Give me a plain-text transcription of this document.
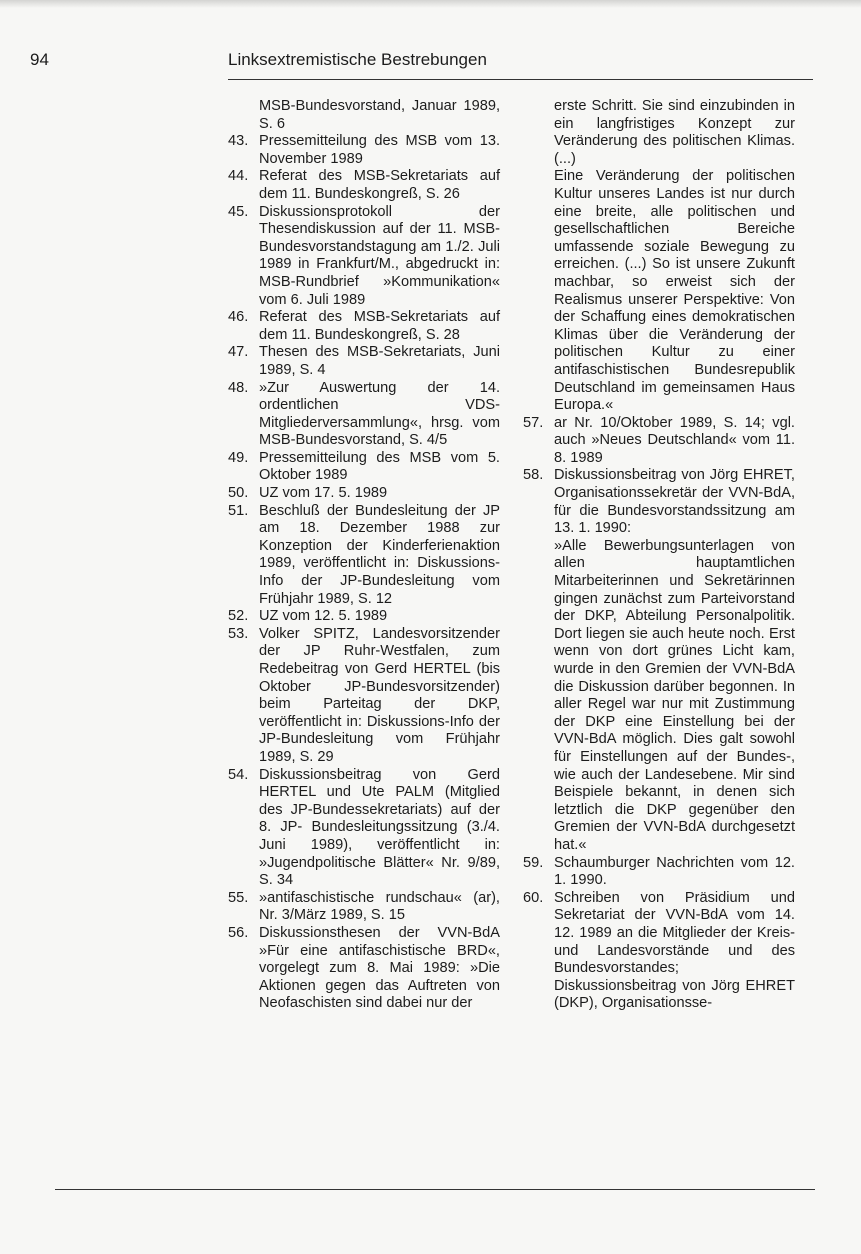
94	Linksextremistische Bestrebungen

MSB-Bundesvorstand, Januar 1989, S. 6

43. Pressemitteilung des MSB vom 13. November 1989

44. Referat des MSB-Sekretariats auf dem 11. Bundeskongreß, S. 26

45. Diskussionsprotokoll der Thesendiskussion auf der 11. MSB-Bundesvorstandstagung am 1./2. Juli 1989 in Frankfurt/M., abgedruckt in: MSB-Rundbrief »Kommunikation« vom 6. Juli 1989

46. Referat des MSB-Sekretariats auf dem 11. Bundeskongreß, S. 28

47. Thesen des MSB-Sekretariats, Juni 1989, S. 4

48. »Zur Auswertung der 14. ordentlichen VDS-Mitgliederversammlung«, hrsg. vom MSB-Bundesvorstand, S. 4/5

49. Pressemitteilung des MSB vom 5. Oktober 1989

50. UZ vom 17. 5. 1989

51. Beschluß der Bundesleitung der JP am 18. Dezember 1988 zur Konzeption der Kinderferienaktion 1989, veröffentlicht in: Diskussions-Info der JP-Bundesleitung vom Frühjahr 1989, S. 12

52. UZ vom 12. 5. 1989

53. Volker SPITZ, Landesvorsitzender der JP Ruhr-Westfalen, zum Redebeitrag von Gerd HERTEL (bis Oktober JP-Bundesvorsitzender) beim Parteitag der DKP, veröffentlicht in: Diskussions-Info der JP-Bundesleitung vom Frühjahr 1989, S. 29

54. Diskussionsbeitrag von Gerd HERTEL und Ute PALM (Mitglied des JP-Bundessekretariats) auf der 8. JP- Bundesleitungssitzung (3./4. Juni 1989), veröffentlicht in: »Jugendpolitische Blätter« Nr. 9/89, S. 34

55. »antifaschistische rundschau« (ar), Nr. 3/März 1989, S. 15

56. Diskussionsthesen der VVN-BdA »Für eine antifaschistische BRD«, vorgelegt zum 8. Mai 1989: »Die Aktionen gegen das Auftreten von Neofaschisten sind dabei nur der

erste Schritt. Sie sind einzubinden in ein langfristiges Konzept zur Veränderung des politischen Klimas. (...)

Eine Veränderung der politischen Kultur unseres Landes ist nur durch eine breite, alle politischen und gesellschaftlichen Bereiche umfassende soziale Bewegung zu erreichen. (...) So ist unsere Zukunft machbar, so erweist sich der Realismus unserer Perspektive: Von der Schaffung eines demokratischen Klimas über die Veränderung der politischen Kultur zu einer antifaschistischen Bundesrepublik Deutschland im gemeinsamen Haus Europa.«

57. ar Nr. 10/Oktober 1989, S. 14; vgl. auch »Neues Deutschland« vom 11. 8. 1989

58. Diskussionsbeitrag von Jörg EHRET, Organisationssekretär der VVN-BdA, für die Bundesvorstandssitzung am 13. 1. 1990:

»Alle Bewerbungsunterlagen von allen hauptamtlichen Mitarbeiterinnen und Sekretärinnen gingen zunächst zum Parteivorstand der DKP, Abteilung Personalpolitik. Dort liegen sie auch heute noch. Erst wenn von dort grünes Licht kam, wurde in den Gremien der VVN-BdA die Diskussion darüber begonnen. In aller Regel war nur mit Zustimmung der DKP eine Einstellung bei der VVN-BdA möglich. Dies galt sowohl für Einstellungen auf der Bundes-, wie auch der Landesebene. Mir sind Beispiele bekannt, in denen sich letztlich die DKP gegenüber den Gremien der VVN-BdA durchgesetzt hat.«

59. Schaumburger Nachrichten vom 12. 1. 1990.

60. Schreiben von Präsidium und Sekretariat der VVN-BdA vom 14. 12. 1989 an die Mitglieder der Kreis- und Landesvorstände und des Bundesvorstandes; Diskussionsbeitrag von Jörg EHRET (DKP), Organisationsse-
